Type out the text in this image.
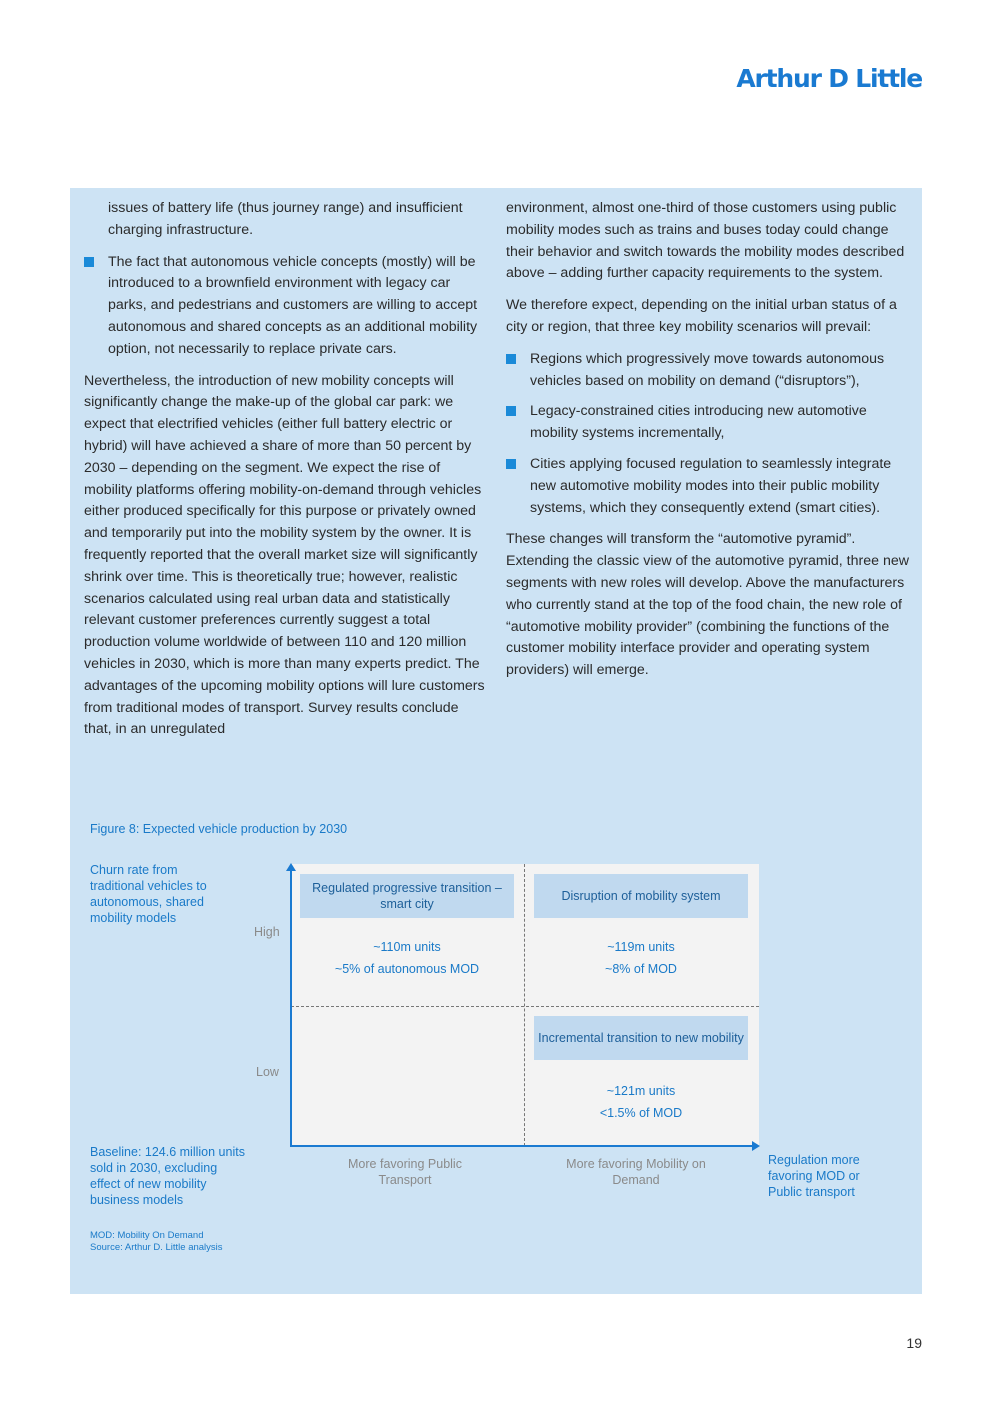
Arthur D Little

issues of battery life (thus journey range) and insufficient charging infrastructure.

The fact that autonomous vehicle concepts (mostly) will be introduced to a brownfield environment with legacy car parks, and pedestrians and customers are willing to accept autonomous and shared concepts as an additional mobility option, not necessarily to replace private cars.

Nevertheless, the introduction of new mobility concepts will significantly change the make-up of the global car park: we expect that electrified vehicles (either full battery electric or hybrid) will have achieved a share of more than 50 percent by 2030 – depending on the segment. We expect the rise of mobility platforms offering mobility-on-demand through vehicles either produced specifically for this purpose or privately owned and temporarily put into the mobility system by the owner. It is frequently reported that the overall market size will significantly shrink over time. This is theoretically true; however, realistic scenarios calculated using real urban data and statistically relevant customer preferences currently suggest a total production volume worldwide of between 110 and 120 million vehicles in 2030, which is more than many experts predict. The advantages of the upcoming mobility options will lure customers from traditional modes of transport. Survey results conclude that, in an unregulated

environment, almost one-third of those customers using public mobility modes such as trains and buses today could change their behavior and switch towards the mobility modes described above – adding further capacity requirements to the system.

We therefore expect, depending on the initial urban status of a city or region, that three key mobility scenarios will prevail:

Regions which progressively move towards autonomous vehicles based on mobility on demand (“disruptors”),
Legacy-constrained cities introducing new automotive mobility systems incrementally,
Cities applying focused regulation to seamlessly integrate new automotive mobility modes into their public mobility systems, which they consequently extend (smart cities).

These changes will transform the “automotive pyramid”. Extending the classic view of the automotive pyramid, three new segments with new roles will develop. Above the manufacturers who currently stand at the top of the food chain, the new role of “automotive mobility provider” (combining the functions of the customer mobility interface provider and operating system providers) will emerge.

Figure 8: Expected vehicle production by 2030
Churn rate from traditional vehicles to autonomous, shared mobility models
Baseline: 124.6 million units sold in 2030, excluding effect of new mobility business models
Regulation more favoring MOD or Public transport
High
Low
Regulated progressive transition – smart city
~110m units
~5% of autonomous MOD
Disruption of mobility system
~119m units
~8% of MOD
Incremental transition to new mobility
~121m units
<1.5% of MOD
More favoring Public Transport
More favoring Mobility on Demand
MOD: Mobility On Demand
Source: Arthur D. Little analysis
19
